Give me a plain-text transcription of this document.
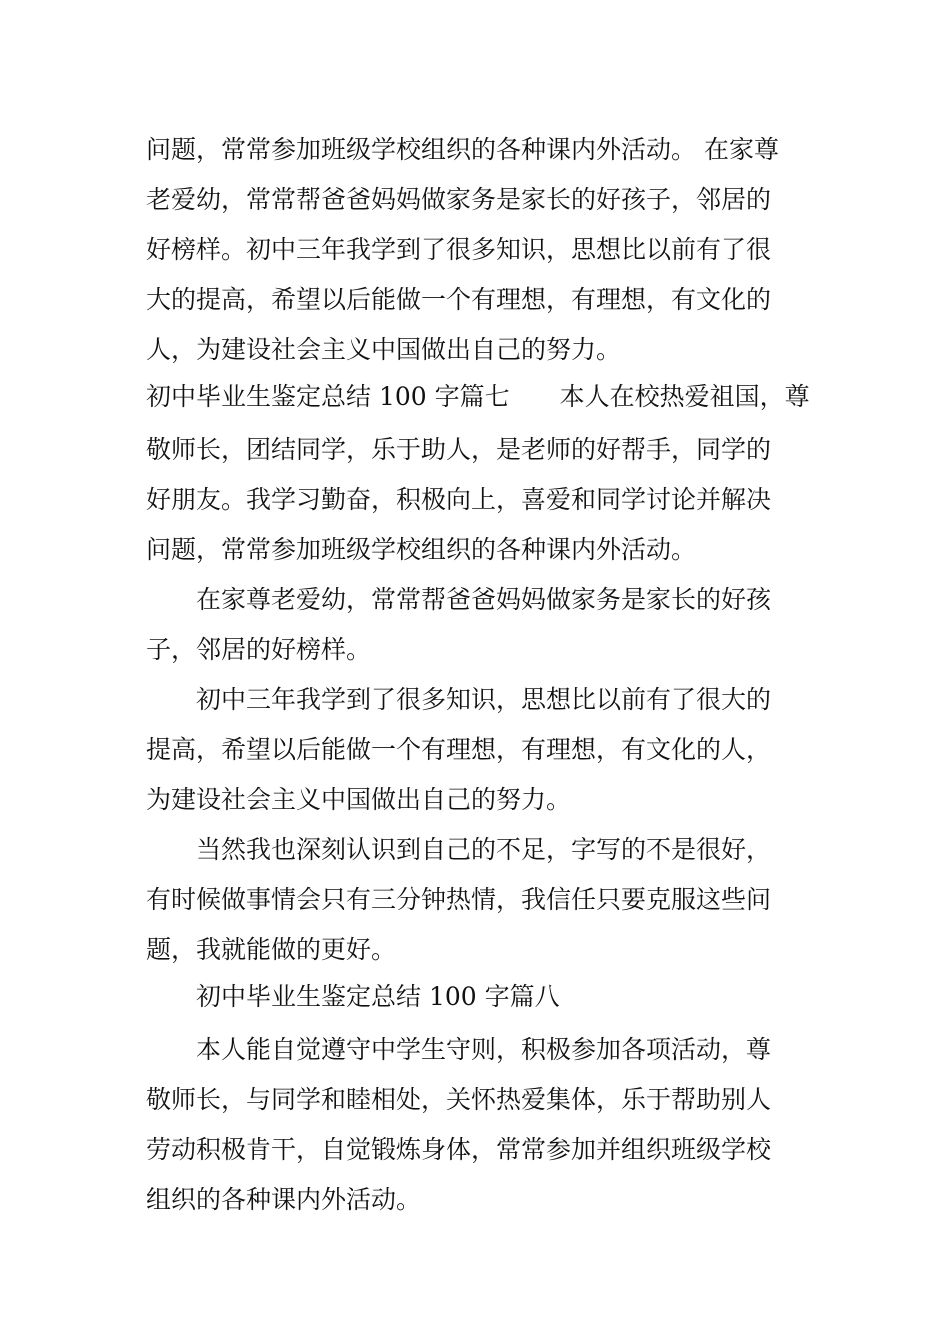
问题，常常参加班级学校组织的各种课内外活动。 在家尊

老爱幼，常常帮爸爸妈妈做家务是家长的好孩子，邻居的

好榜样。初中三年我学到了很多知识，思想比以前有了很

大的提高，希望以后能做一个有理想，有理想，有文化的

人，为建设社会主义中国做出自己的努力。

初中毕业生鉴定总结 100 字篇七　　本人在校热爱祖国，尊

敬师长，团结同学，乐于助人，是老师的好帮手，同学的

好朋友。我学习勤奋，积极向上，喜爱和同学讨论并解决

问题，常常参加班级学校组织的各种课内外活动。

在家尊老爱幼，常常帮爸爸妈妈做家务是家长的好孩

子，邻居的好榜样。

初中三年我学到了很多知识，思想比以前有了很大的

提高，希望以后能做一个有理想，有理想，有文化的人，

为建设社会主义中国做出自己的努力。

当然我也深刻认识到自己的不足，字写的不是很好，

有时候做事情会只有三分钟热情，我信任只要克服这些问

题，我就能做的更好。

初中毕业生鉴定总结 100 字篇八

本人能自觉遵守中学生守则，积极参加各项活动，尊

敬师长，与同学和睦相处，关怀热爱集体，乐于帮助别人

劳动积极肯干，自觉锻炼身体，常常参加并组织班级学校

组织的各种课内外活动。
